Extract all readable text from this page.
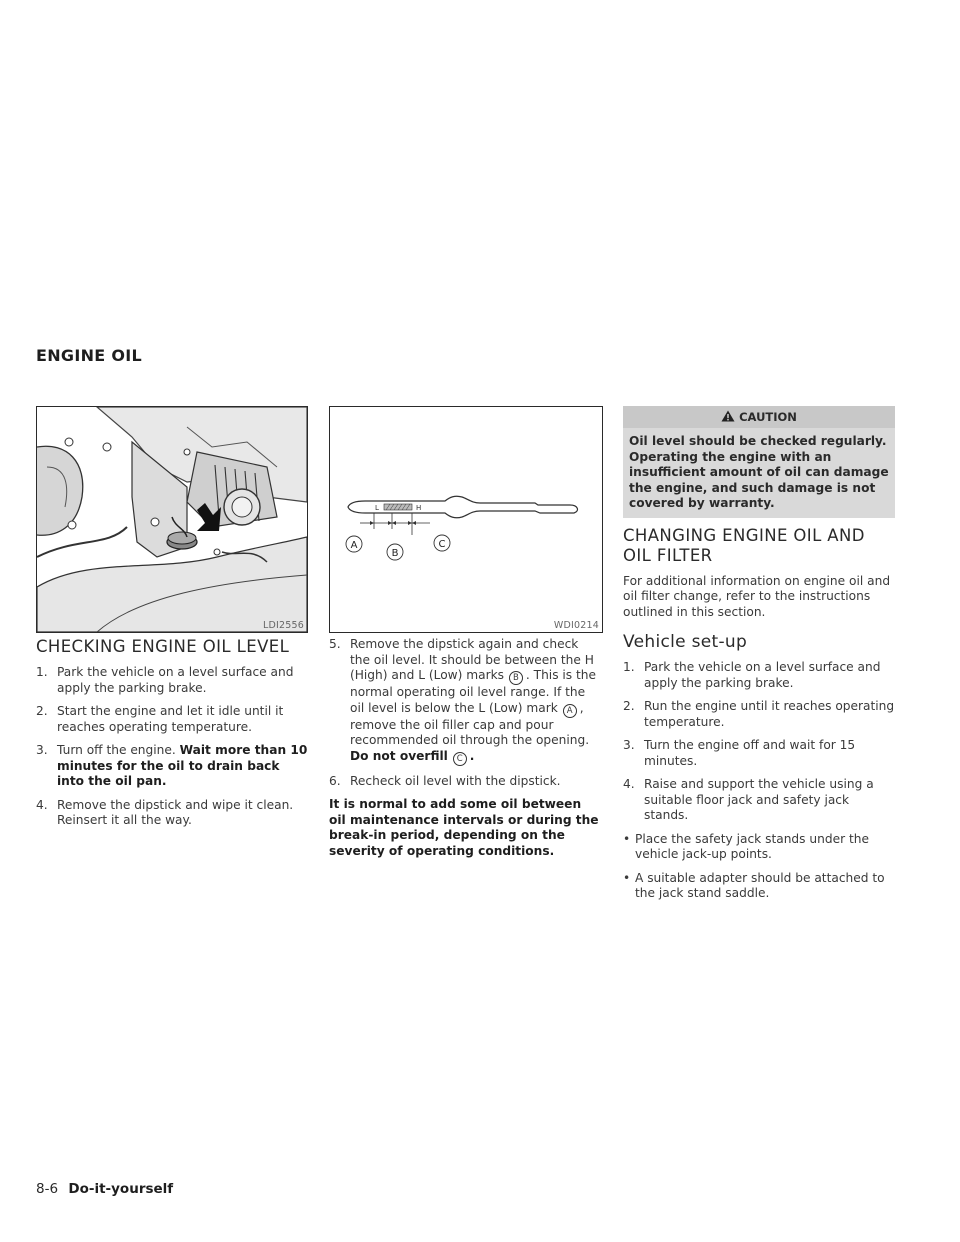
ENGINE OIL
LDI2556
L	H
A
B
C
WDI0214
CHECKING ENGINE OIL LEVEL
1. Park the vehicle on a level surface and apply the parking brake.
2. Start the engine and let it idle until it reaches operating temperature.
3. Turn off the engine. Wait more than 10 minutes for the oil to drain back into the oil pan.
4. Remove the dipstick and wipe it clean. Reinsert it all the way.
5. Remove the dipstick again and check the oil level. It should be between the H (High) and L (Low) marks B . This is the normal operating oil level range. If the oil level is below the L (Low) mark A , remove the oil filler cap and pour recommended oil through the opening. Do not overfill C .
6. Recheck oil level with the dipstick.

It is normal to add some oil between oil maintenance intervals or during the break-in period, depending on the severity of operating conditions.

CAUTION
Oil level should be checked regularly. Operating the engine with an insufficient amount of oil can damage the engine, and such damage is not covered by warranty.
CHANGING ENGINE OIL AND OIL FILTER

For additional information on engine oil and oil filter change, refer to the instructions outlined in this section.

Vehicle set-up
1. Park the vehicle on a level surface and apply the parking brake.
2. Run the engine until it reaches operating temperature.
3. Turn the engine off and wait for 15 minutes.
4. Raise and support the vehicle using a suitable floor jack and safety jack stands.
• Place the safety jack stands under the vehicle jack-up points.
• A suitable adapter should be attached to the jack stand saddle.
8-6 Do-it-yourself
